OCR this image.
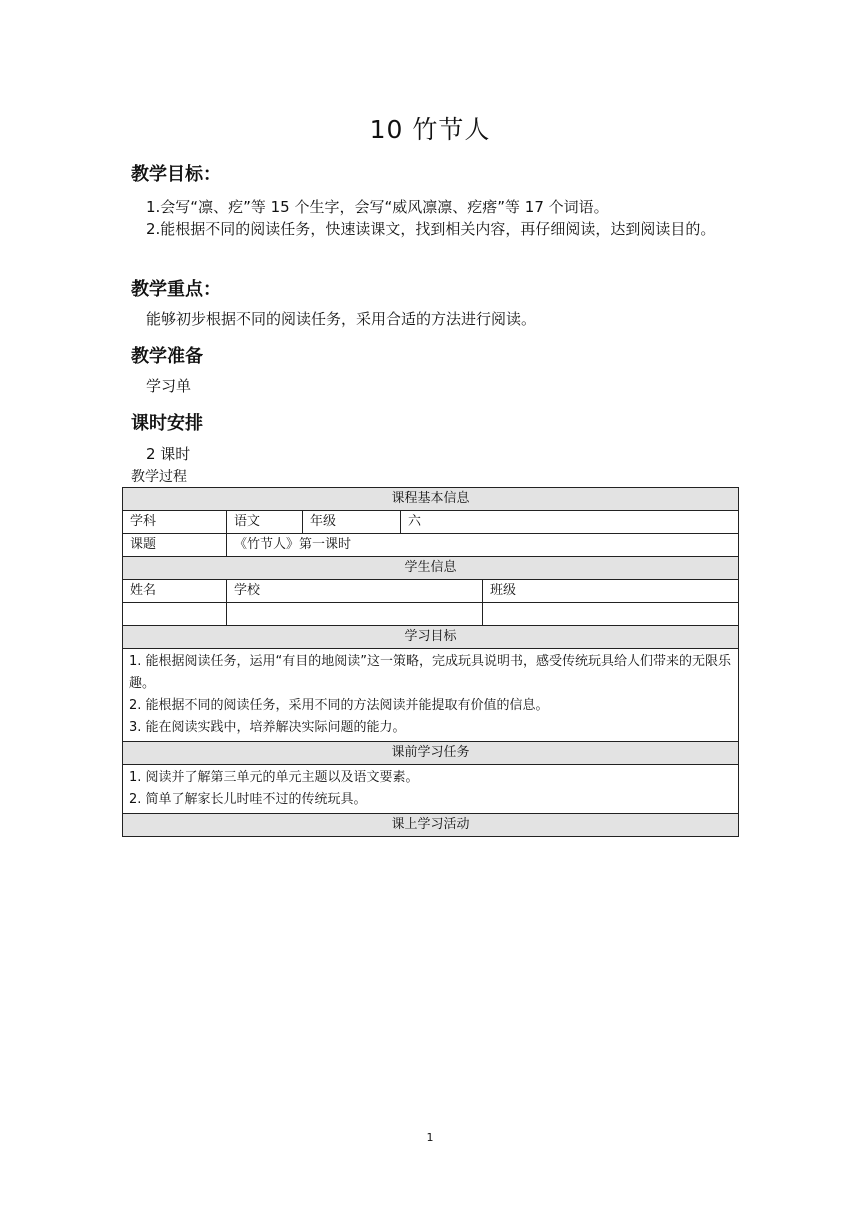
10 竹节人
教学目标：
1.会写“凛、疙”等 15 个生字，会写“威风凛凛、疙瘩”等 17 个词语。
2.能根据不同的阅读任务，快速读课文，找到相关内容，再仔细阅读，达到阅读目的。
教学重点：
能够初步根据不同的阅读任务，采用合适的方法进行阅读。
教学准备
学习单
课时安排
2 课时
教学过程
课程基本信息				
学科	语文	年级	六	
课题	《竹节人》第一课时			
学生信息				
姓名	学校			班级

学习目标				

1. 能根据阅读任务，运用“有目的地阅读”这一策略，完成玩具说明书，感受传统玩具给人们带来的无限乐趣。
2. 能根据不同的阅读任务，采用不同的方法阅读并能提取有价值的信息。
3. 能在阅读实践中，培养解决实际问题的能力。				

课前学习任务				

1. 阅读并了解第三单元的单元主题以及语文要素。
2. 简单了解家长儿时哇不过的传统玩具。				

课上学习活动				
1
